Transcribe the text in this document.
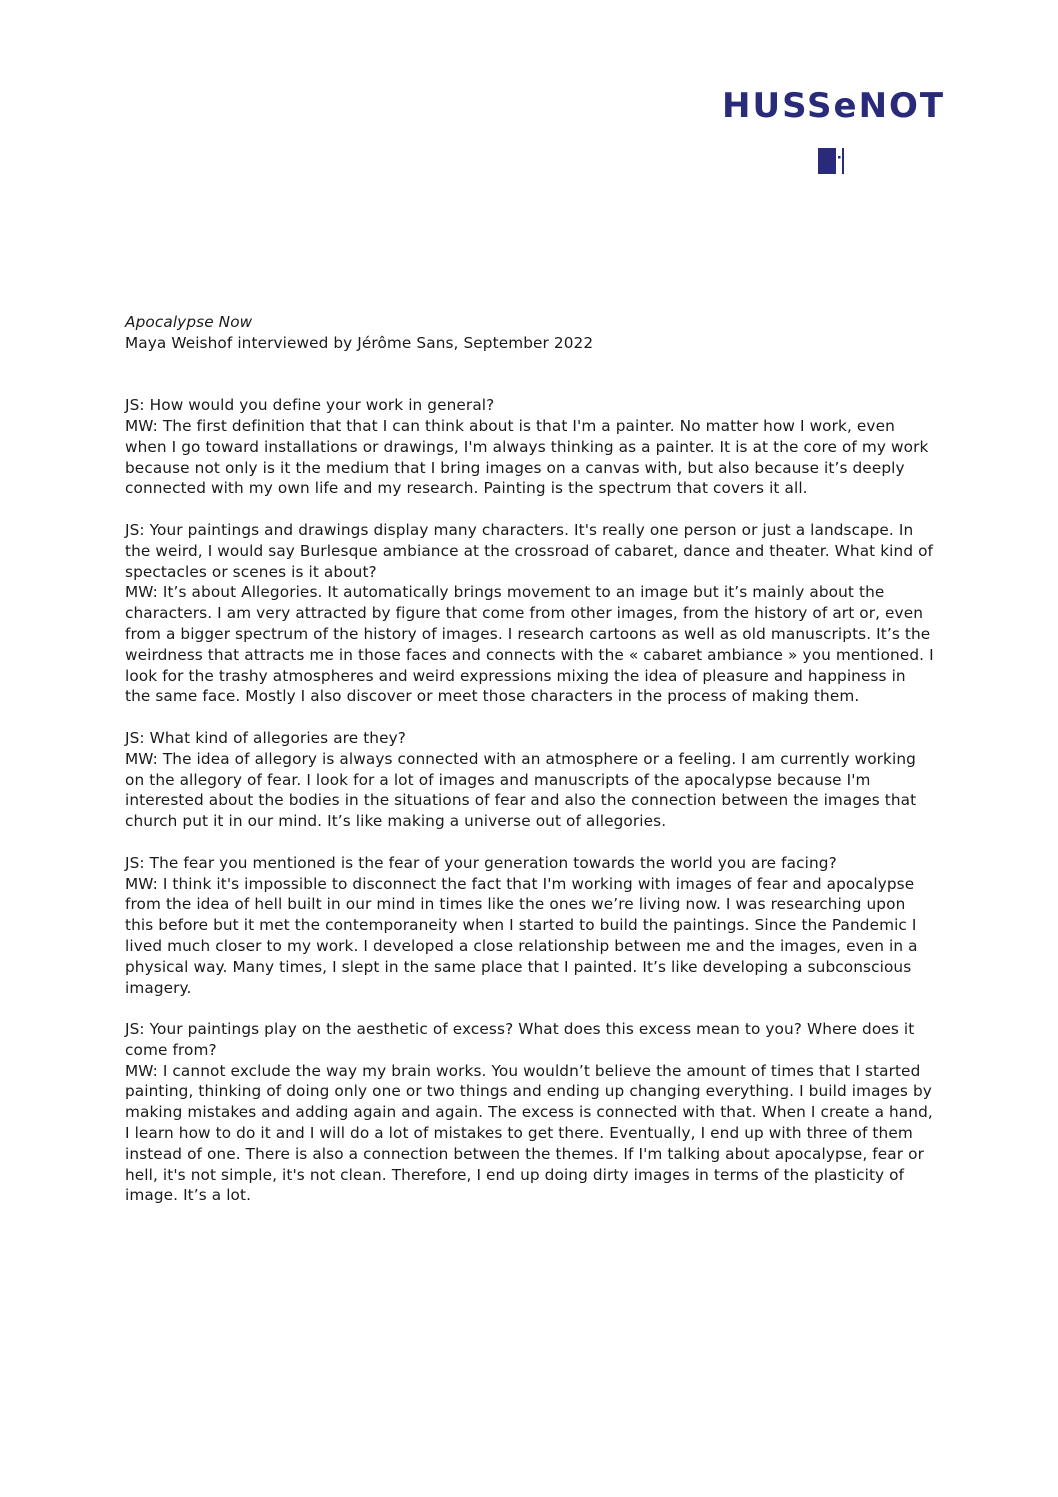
HUSSeNOT

Apocalypse Now

Maya Weishof interviewed by Jérôme Sans, September 2022

JS: How would you define your work in general?

MW: The first definition that that I can think about is that I'm a painter. No matter how I work, even when I go toward installations or drawings, I'm always thinking as a painter. It is at the core of my work because not only is it the medium that I bring images on a canvas with, but also because it’s deeply connected with my own life and my research. Painting is the spectrum that covers it all.

JS: Your paintings and drawings display many characters. It's really one person or just a landscape. In the weird, I would say Burlesque ambiance at the crossroad of cabaret, dance and theater. What kind of spectacles or scenes is it about?

MW: It’s about Allegories. It automatically brings movement to an image but it’s mainly about the characters. I am very attracted by figure that come from other images, from the history of art or, even from a bigger spectrum of the history of images. I research cartoons as well as old manuscripts. It’s the weirdness that attracts me in those faces and connects with the « cabaret ambiance » you mentioned. I look for the trashy atmospheres and weird expressions mixing the idea of pleasure and happiness in the same face. Mostly I also discover or meet those characters in the process of making them.

JS: What kind of allegories are they?

MW: The idea of allegory is always connected with an atmosphere or a feeling. I am currently working on the allegory of fear. I look for a lot of images and manuscripts of the apocalypse because I'm interested about the bodies in the situations of fear and also the connection between the images that church put it in our mind. It’s like making a universe out of allegories.

JS: The fear you mentioned is the fear of your generation towards the world you are facing?

MW: I think it's impossible to disconnect the fact that I'm working with images of fear and apocalypse from the idea of hell built in our mind in times like the ones we’re living now. I was researching upon this before but it met the contemporaneity when I started to build the paintings. Since the Pandemic I lived much closer to my work. I developed a close relationship between me and the images, even in a physical way. Many times, I slept in the same place that I painted. It’s like developing a subconscious imagery.

JS: Your paintings play on the aesthetic of excess? What does this excess mean to you? Where does it come from?

MW: I cannot exclude the way my brain works. You wouldn’t believe the amount of times that I started painting, thinking of doing only one or two things and ending up changing everything. I build images by making mistakes and adding again and again. The excess is connected with that. When I create a hand, I learn how to do it and I will do a lot of mistakes to get there. Eventually, I end up with three of them instead of one. There is also a connection between the themes. If I'm talking about apocalypse, fear or hell, it's not simple, it's not clean. Therefore, I end up doing dirty images in terms of the plasticity of image. It’s a lot.
